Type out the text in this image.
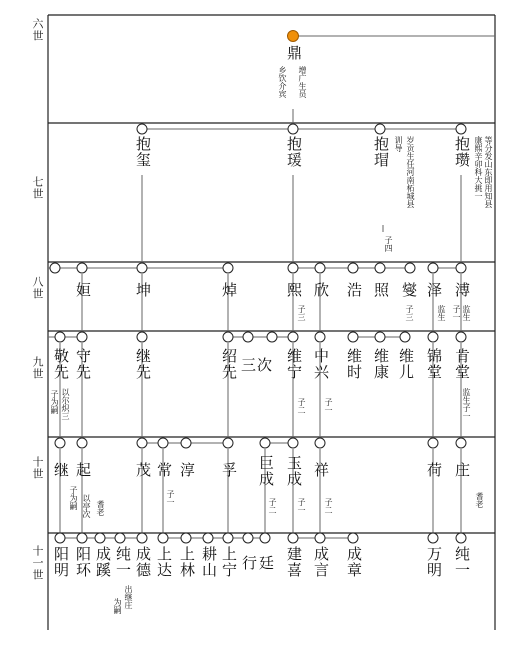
六世
七世
八世
九世
十世
十一世
鼎
乡饮介宾 增广生员
抱玺	抱瑗	抱瑁	抱瓒
训导 岁贡生任河南柘城县
子四
康熙辛卯科大挑一 等分发山东即用知县
姮	坤	焯	熙 欣 浩 照 燮 泽 溥
子三	子三	监生 子一 监生
敬先 守先	继先	绍先 三次 维宁 中兴 维时 维康 维儿 锦堂 肯堂
子为嗣 以尔炽三	子二 子一	监生子一
继 起	茂 常 淳 孚 巨成 玉成 祥	荷 庄
子为嗣 以亭次 耆老
子一	子二	子一 子二	耆老
阳明 阳环 成蹊 纯一 成德 上达 上林 耕山 上宁 行 廷 建喜 成言 成章	万明 纯一
出继庄
为嗣
